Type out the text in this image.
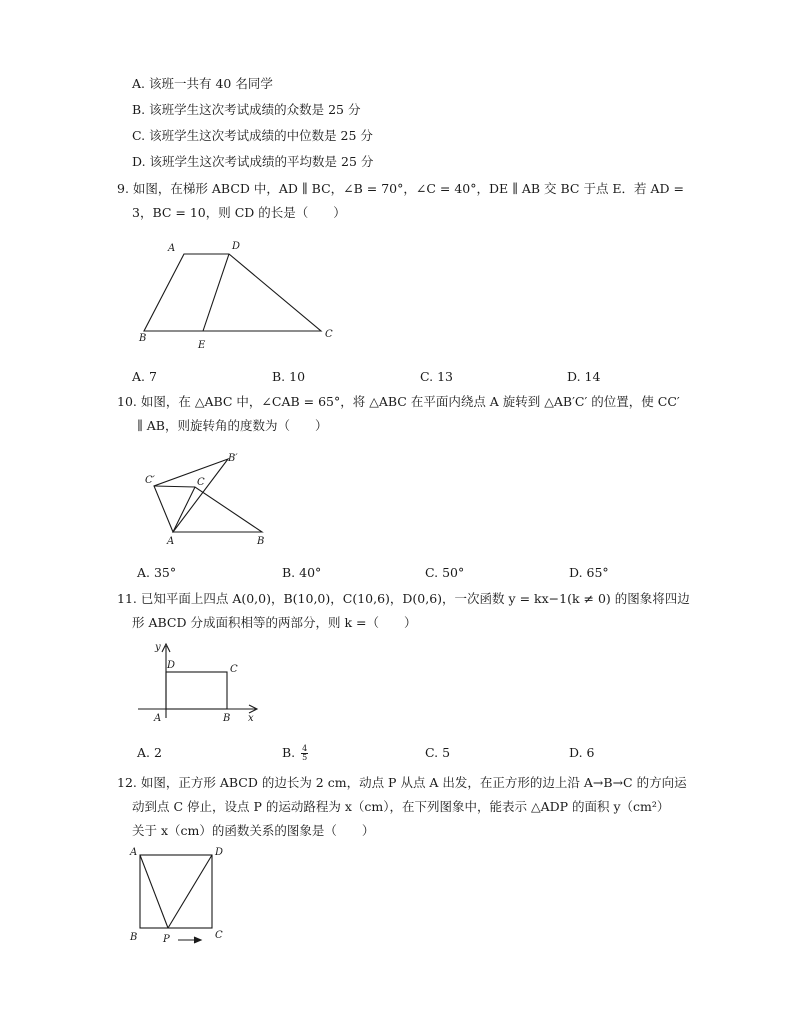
A. 该班一共有 40 名同学
B. 该班学生这次考试成绩的众数是 25 分
C. 该班学生这次考试成绩的中位数是 25 分
D. 该班学生这次考试成绩的平均数是 25 分
9. 如图，在梯形 ABCD 中，AD ∥ BC，∠B = 70°，∠C = 40°，DE ∥ AB 交 BC 于点 E．若 AD =
3，BC = 10，则 CD 的长是（　　）
A	D
B
E
C
A. 7	B. 10	C. 13	D. 14
10. 如图，在 △ABC 中，∠CAB = 65°，将 △ABC 在平面内绕点 A 旋转到 △AB′C′ 的位置，使 CC′
∥ AB，则旋转角的度数为（　　）
B′
C′	C
A	B
A. 35°	B. 40°	C. 50°	D. 65°
11. 已知平面上四点 A(0,0)，B(10,0)，C(10,6)，D(0,6)，一次函数 y = kx−1(k ≠ 0) 的图象将四边
形 ABCD 分成面积相等的两部分，则 k =（　　）
y
D	C
A	B x
A. 2	B. $\frac{4}{5}$	C. 5	D. 6
12. 如图，正方形 ABCD 的边长为 2 cm，动点 P 从点 A 出发，在正方形的边上沿 A→B→C 的方向运
动到点 C 停止，设点 P 的运动路程为 x（cm），在下列图象中，能表示 △ADP 的面积 y（cm²）
关于 x（cm）的函数关系的图象是（　　）
A	D
B	P	C
